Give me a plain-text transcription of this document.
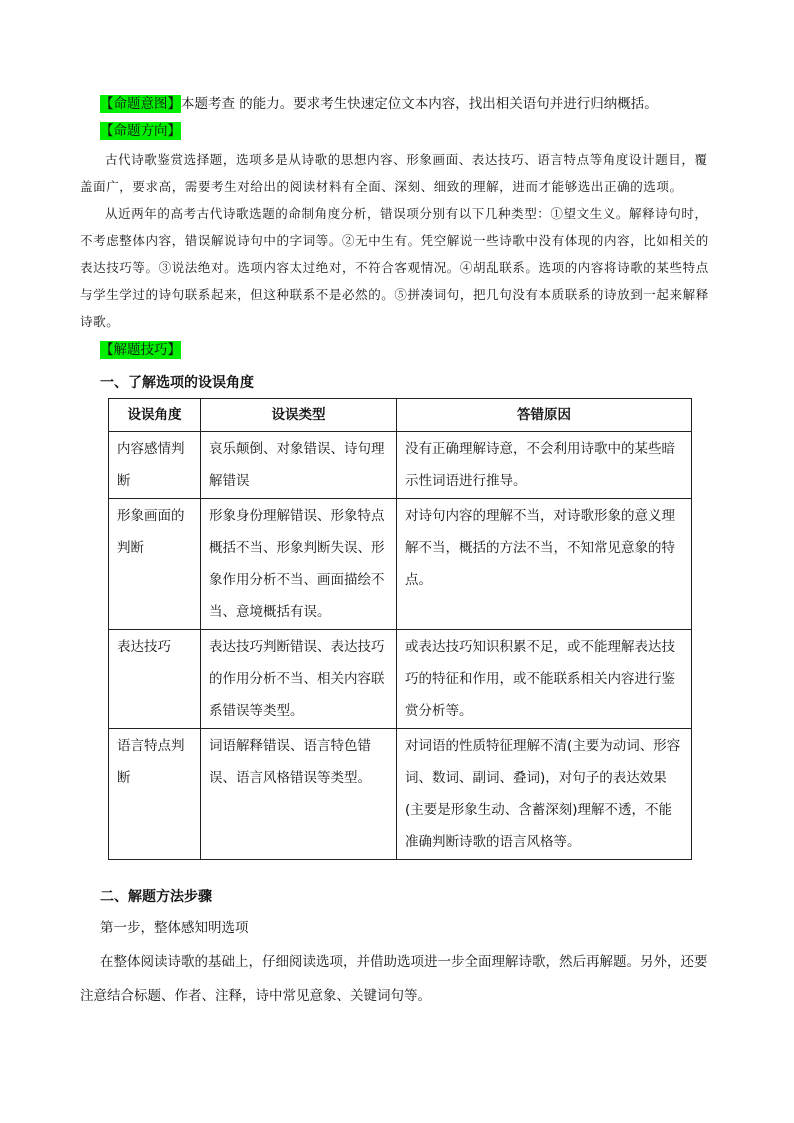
【命题意图】本题考查 的能力。要求考生快速定位文本内容，找出相关语句并进行归纳概括。
【命题方向】

古代诗歌鉴赏选择题，选项多是从诗歌的思想内容、形象画面、表达技巧、语言特点等角度设计题目，覆盖面广，要求高，需要考生对给出的阅读材料有全面、深刻、细致的理解，进而才能够选出正确的选项。

从近两年的高考古代诗歌选题的命制角度分析，错误项分别有以下几种类型：①望文生义。解释诗句时，不考虑整体内容，错误解说诗句中的字词等。②无中生有。凭空解说一些诗歌中没有体现的内容，比如相关的表达技巧等。③说法绝对。选项内容太过绝对，不符合客观情况。④胡乱联系。选项的内容将诗歌的某些特点与学生学过的诗句联系起来，但这种联系不是必然的。⑤拼凑词句，把几句没有本质联系的诗放到一起来解释诗歌。

【解题技巧】
一、了解选项的设误角度
设误角度	设误类型	答错原因
内容感情判断	哀乐颠倒、对象错误、诗句理解错误	没有正确理解诗意，不会利用诗歌中的某些暗示性词语进行推导。
形象画面的判断	形象身份理解错误、形象特点概括不当、形象判断失误、形象作用分析不当、画面描绘不当、意境概括有误。	对诗句内容的理解不当，对诗歌形象的意义理解不当，概括的方法不当，不知常见意象的特点。
表达技巧	表达技巧判断错误、表达技巧的作用分析不当、相关内容联系错误等类型。	或表达技巧知识积累不足，或不能理解表达技巧的特征和作用，或不能联系相关内容进行鉴赏分析等。
语言特点判断	词语解释错误、语言特色错误、语言风格错误等类型。	对词语的性质特征理解不清(主要为动词、形容词、数词、副词、叠词)，对句子的表达效果(主要是形象生动、含蓄深刻)理解不透，不能准确判断诗歌的语言风格等。
二、解题方法步骤

第一步，整体感知明选项

在整体阅读诗歌的基础上，仔细阅读选项，并借助选项进一步全面理解诗歌，然后再解题。另外，还要注意结合标题、作者、注释，诗中常见意象、关键词句等。
